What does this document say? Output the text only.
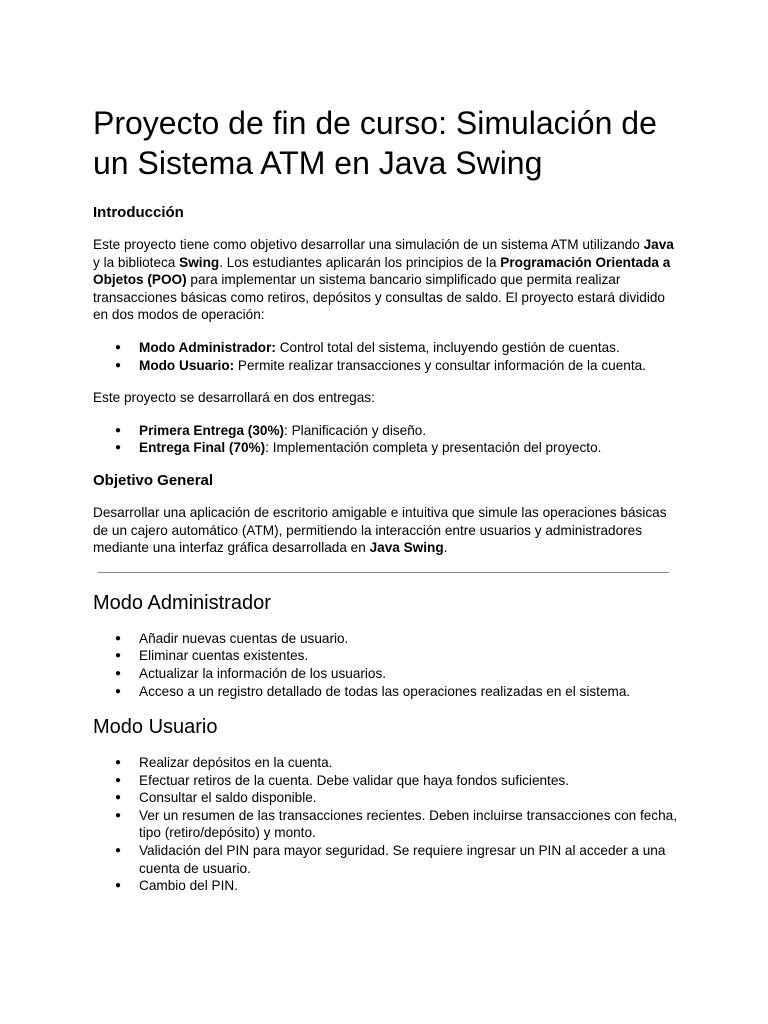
Proyecto de fin de curso: Simulación de un Sistema ATM en Java Swing
Introducción

Este proyecto tiene como objetivo desarrollar una simulación de un sistema ATM utilizando Java y la biblioteca Swing. Los estudiantes aplicarán los principios de la Programación Orientada a Objetos (POO) para implementar un sistema bancario simplificado que permita realizar transacciones básicas como retiros, depósitos y consultas de saldo. El proyecto estará dividido en dos modos de operación:

● Modo Administrador: Control total del sistema, incluyendo gestión de cuentas.
● Modo Usuario: Permite realizar transacciones y consultar información de la cuenta.

Este proyecto se desarrollará en dos entregas:

● Primera Entrega (30%): Planificación y diseño.
● Entrega Final (70%): Implementación completa y presentación del proyecto.
Objetivo General

Desarrollar una aplicación de escritorio amigable e intuitiva que simule las operaciones básicas de un cajero automático (ATM), permitiendo la interacción entre usuarios y administradores mediante una interfaz gráfica desarrollada en Java Swing.

Modo Administrador
● Añadir nuevas cuentas de usuario.
● Eliminar cuentas existentes.
● Actualizar la información de los usuarios.
● Acceso a un registro detallado de todas las operaciones realizadas en el sistema.
Modo Usuario
● Realizar depósitos en la cuenta.
● Efectuar retiros de la cuenta. Debe validar que haya fondos suficientes.
● Consultar el saldo disponible.
● Ver un resumen de las transacciones recientes. Deben incluirse transacciones con fecha, tipo (retiro/depósito) y monto.
● Validación del PIN para mayor seguridad. Se requiere ingresar un PIN al acceder a una cuenta de usuario.
● Cambio del PIN.
